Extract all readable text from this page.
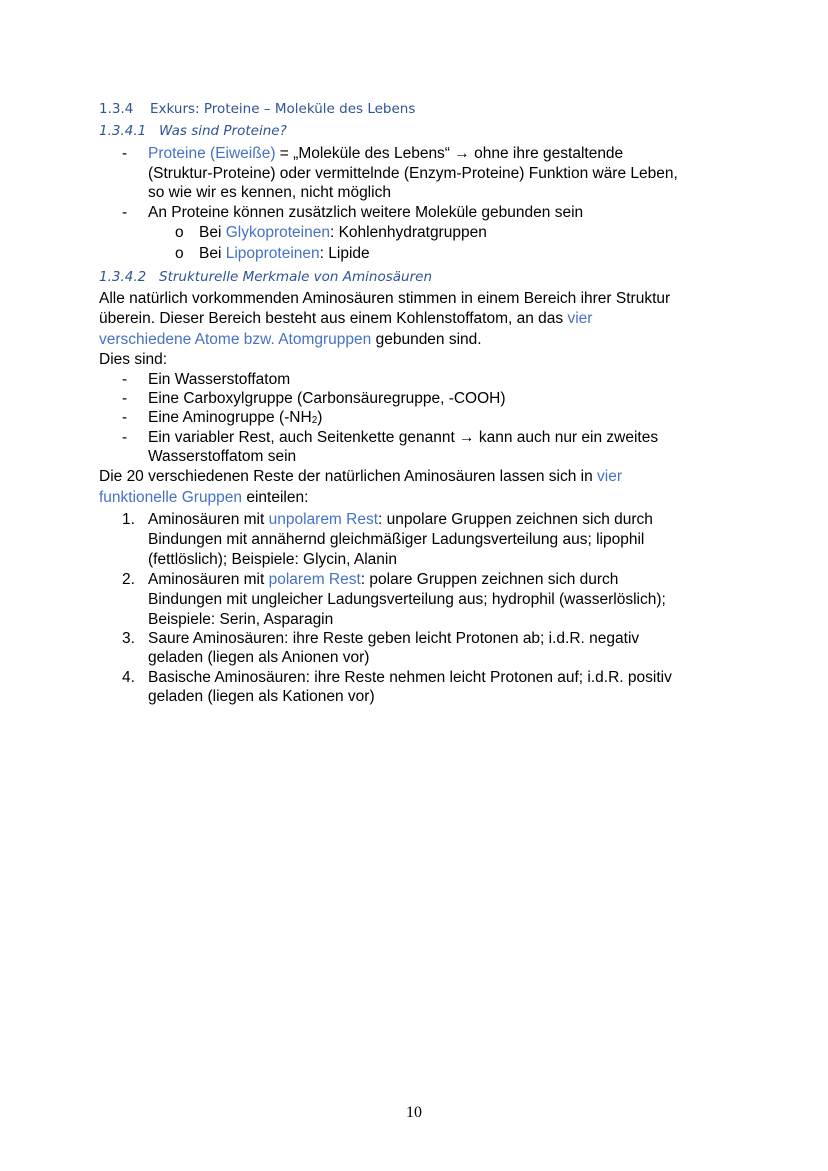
1.3.4 Exkurs: Proteine – Moleküle des Lebens
1.3.4.1 Was sind Proteine?
- Proteine (Eiweiße) = „Moleküle des Lebens“ → ohne ihre gestaltende
(Struktur-Proteine) oder vermittelnde (Enzym-Proteine) Funktion wäre Leben,
so wie wir es kennen, nicht möglich
- An Proteine können zusätzlich weitere Moleküle gebunden sein
o Bei Glykoproteinen: Kohlenhydratgruppen
o Bei Lipoproteinen: Lipide
1.3.4.2 Strukturelle Merkmale von Aminosäuren
Alle natürlich vorkommenden Aminosäuren stimmen in einem Bereich ihrer Struktur
überein. Dieser Bereich besteht aus einem Kohlenstoffatom, an das vier
verschiedene Atome bzw. Atomgruppen gebunden sind.
Dies sind:
- Ein Wasserstoffatom
- Eine Carboxylgruppe (Carbonsäuregruppe, -COOH)
- Eine Aminogruppe $(-NH_2)$
- Ein variabler Rest, auch Seitenkette genannt → kann auch nur ein zweites
Wasserstoffatom sein
Die 20 verschiedenen Reste der natürlichen Aminosäuren lassen sich in vier
funktionelle Gruppen einteilen:
1. Aminosäuren mit unpolarem Rest: unpolare Gruppen zeichnen sich durch
Bindungen mit annähernd gleichmäßiger Ladungsverteilung aus; lipophil
(fettlöslich); Beispiele: Glycin, Alanin
2. Aminosäuren mit polarem Rest: polare Gruppen zeichnen sich durch
Bindungen mit ungleicher Ladungsverteilung aus; hydrophil (wasserlöslich);
Beispiele: Serin, Asparagin
3. Saure Aminosäuren: ihre Reste geben leicht Protonen ab; i.d.R. negativ
geladen (liegen als Anionen vor)
4. Basische Aminosäuren: ihre Reste nehmen leicht Protonen auf; i.d.R. positiv
geladen (liegen als Kationen vor)
10
